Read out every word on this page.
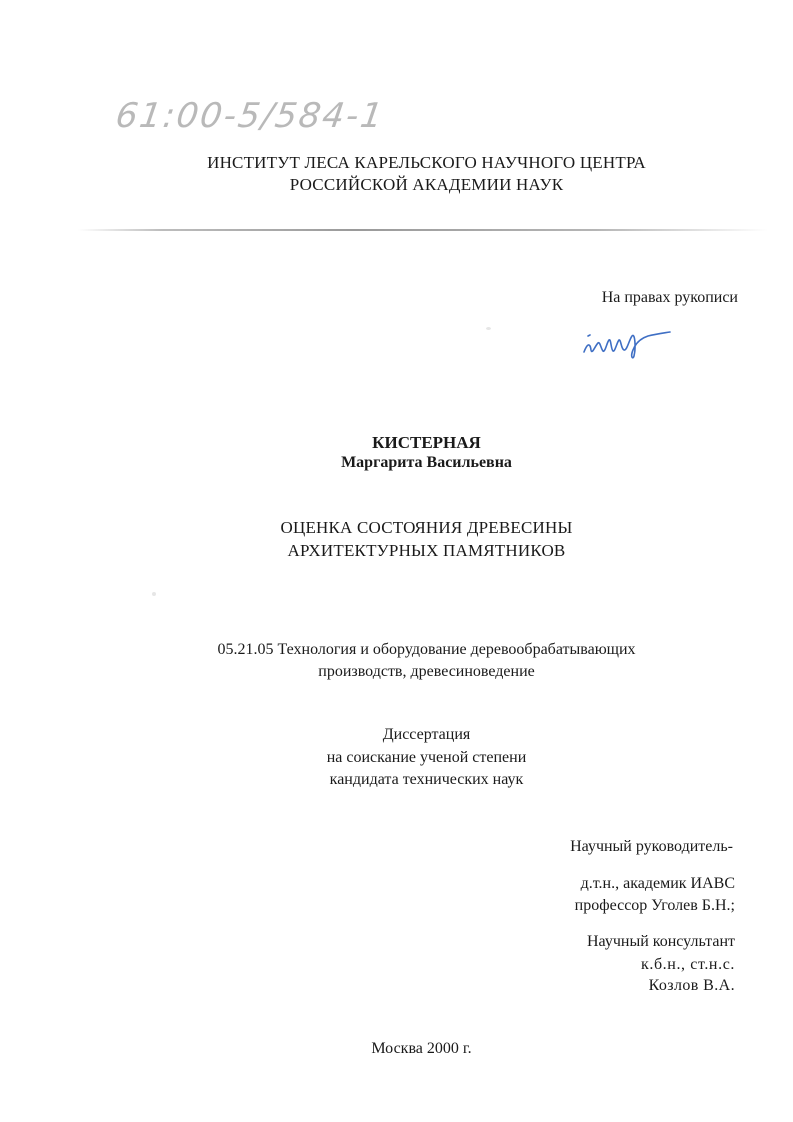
61:00-5/584-1
ИНСТИТУТ ЛЕСА КАРЕЛЬСКОГО НАУЧНОГО ЦЕНТРА
РОССИЙСКОЙ АКАДЕМИИ НАУК
На правах рукописи
КИСТЕРНАЯ
Маргарита Васильевна
ОЦЕНКА СОСТОЯНИЯ ДРЕВЕСИНЫ
АРХИТЕКТУРНЫХ ПАМЯТНИКОВ
05.21.05 Технология и оборудование деревообрабатывающих
производств, древесиноведение
Диссертация
на соискание ученой степени
кандидата технических наук
Научный руководитель-
д.т.н., академик ИАВС
профессор Уголев Б.Н.;
Научный консультант
к.б.н., ст.н.с.
Козлов В.А.
Москва 2000 г.
